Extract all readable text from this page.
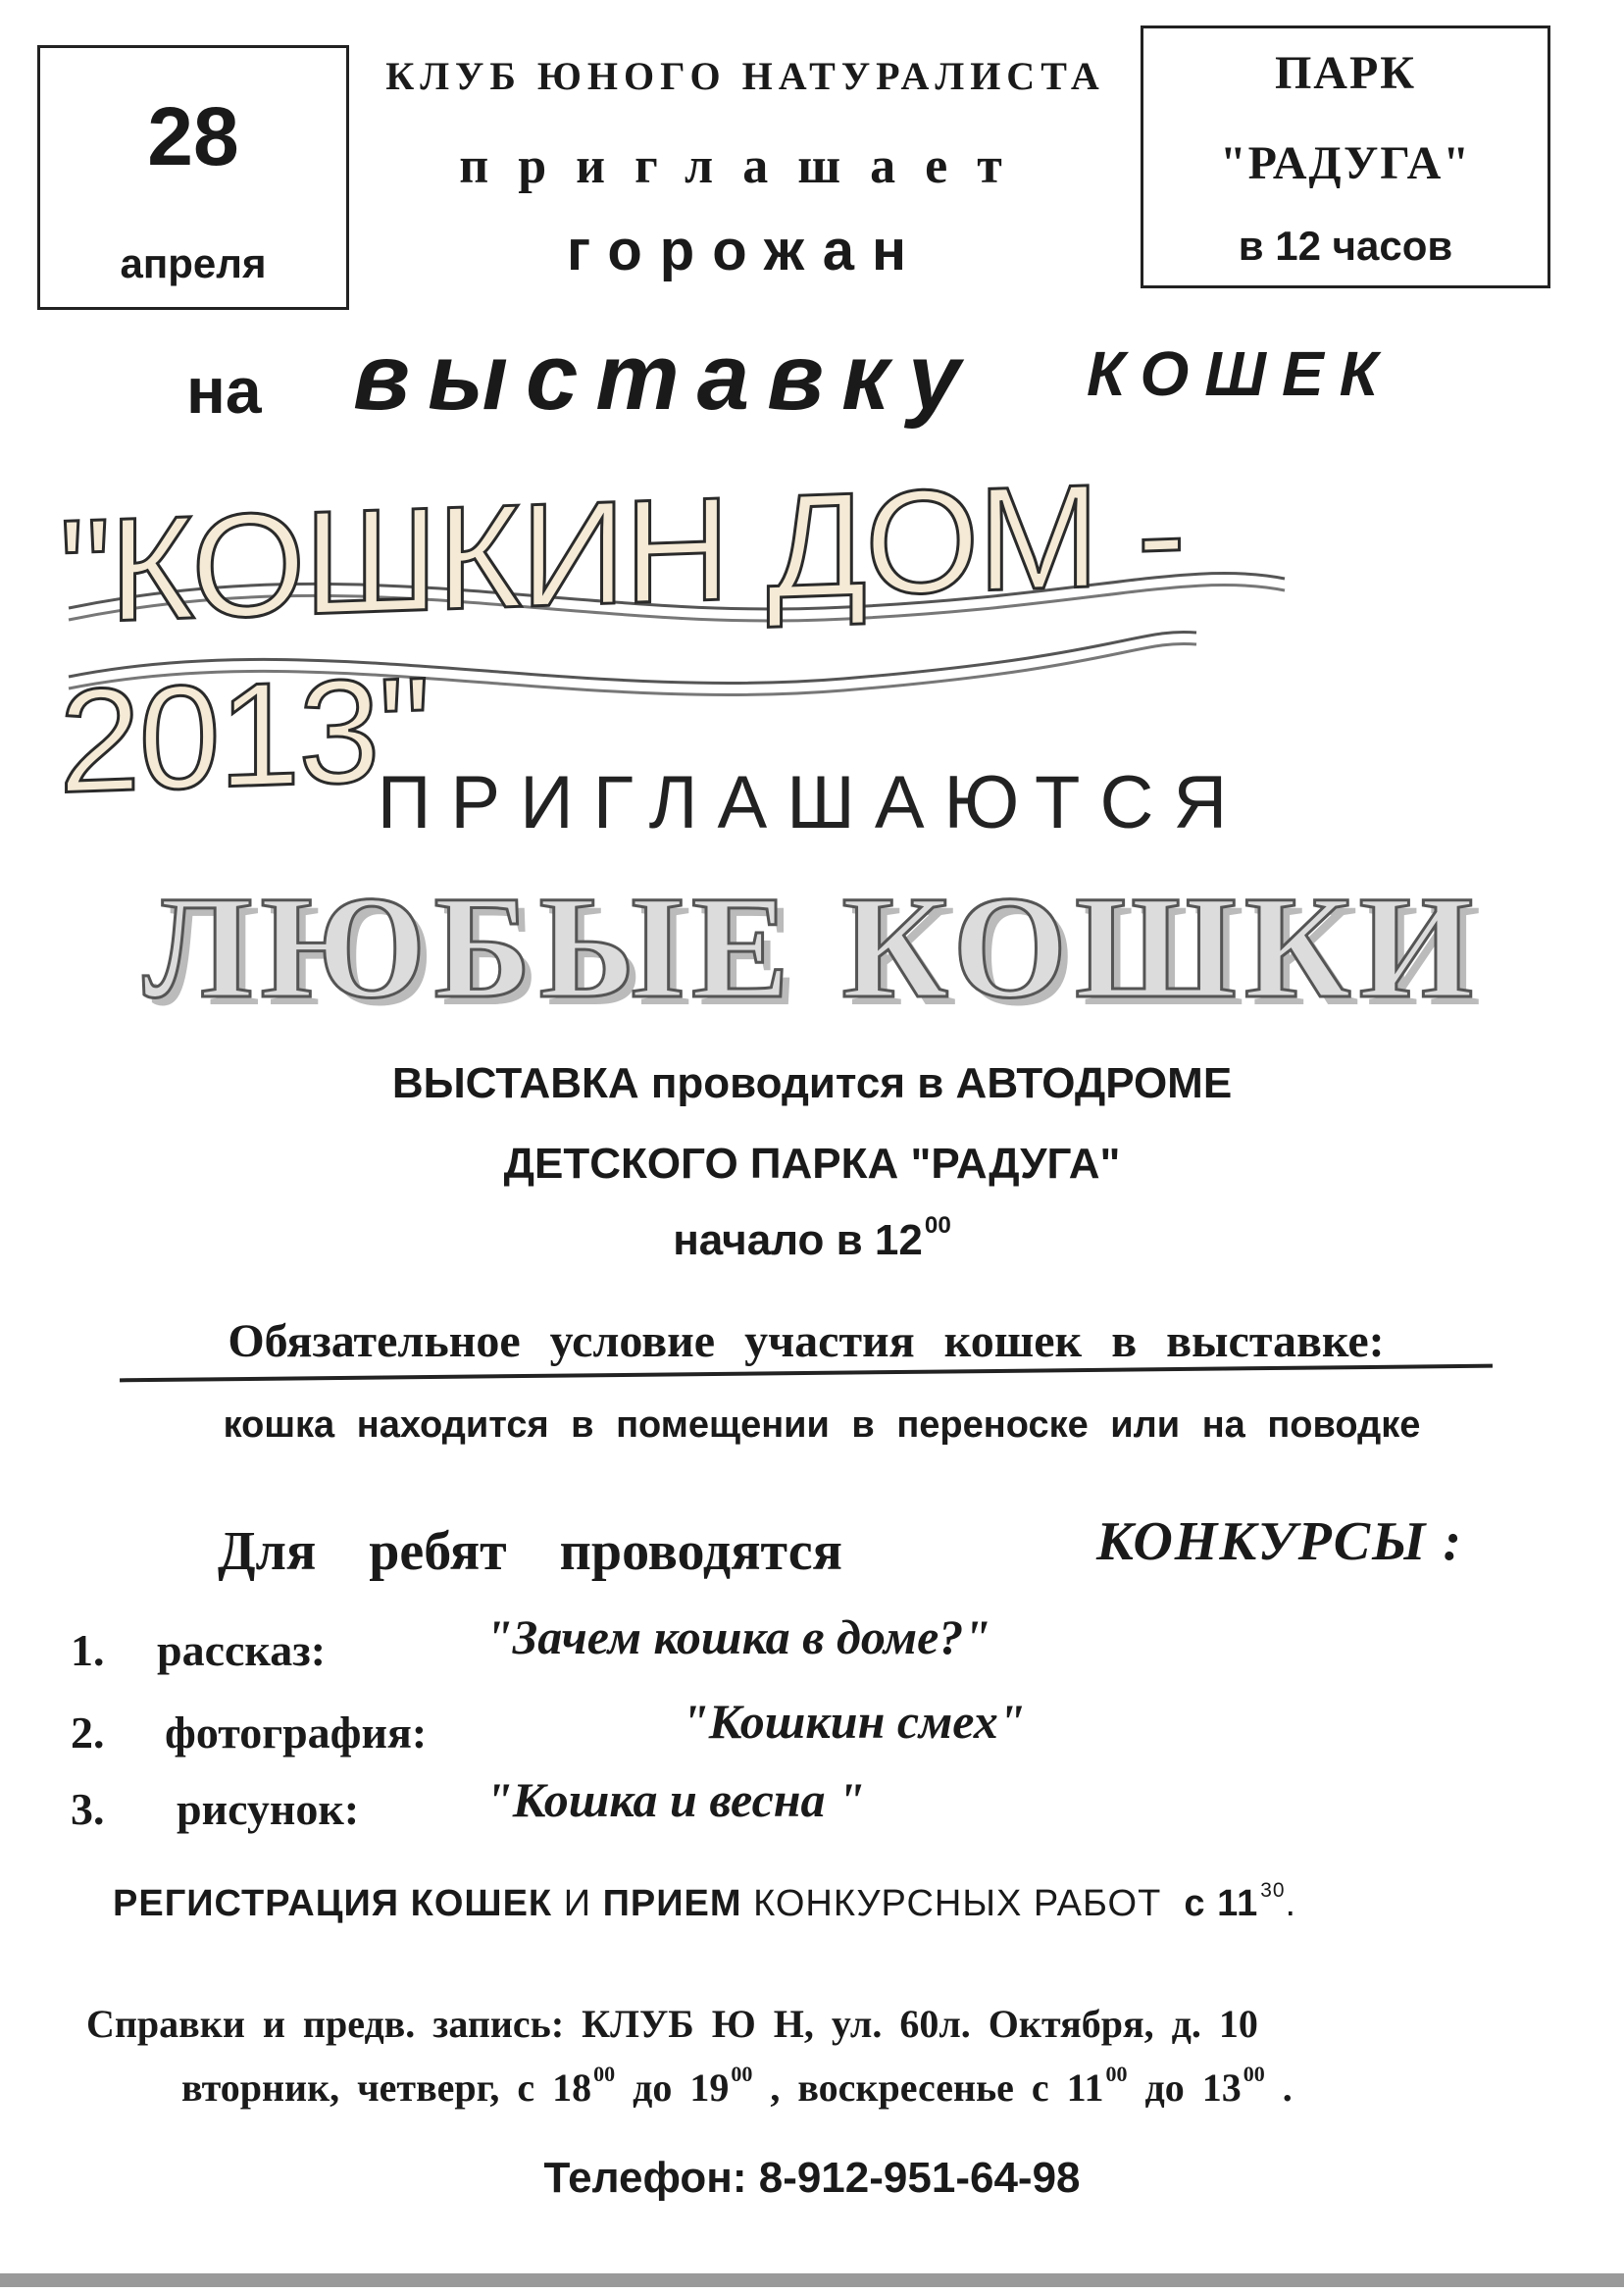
28
апреля
КЛУБ ЮНОГО НАТУРАЛИСТА
приглашает
горожан
ПАРК
"РАДУГА"
в 12 часов
на выставку КОШЕК
"КОШКИН ДОМ - 2013"
ПРИГЛАШАЮТСЯ
ЛЮБЫЕ КОШКИ
ВЫСТАВКА проводится в АВТОДРОМЕ
ДЕТСКОГО ПАРКА "РАДУГА"
начало в $12^{00}$
Обязательное условие участия кошек в выставке:
кошка находится в помещении в переноске или на поводке
Для ребят проводятся	КОНКУРСЫ :
1. рассказ:	"Зачем кошка в доме?"
2. фотография:	"Кошкин смех"
3. рисунок:	"Кошка и весна "
РЕГИСТРАЦИЯ КОШЕК И ПРИЕМ КОНКУРСНЫХ РАБОТ с $11^{30}$.
Справки и предв. запись: КЛУБ Ю Н, ул. 60л. Октября, д. 10
вторник, четверг, с $18^{00}$ до $19^{00}$ , воскресенье с $11^{00}$ до $13^{00}$ .
Телефон: 8-912-951-64-98
